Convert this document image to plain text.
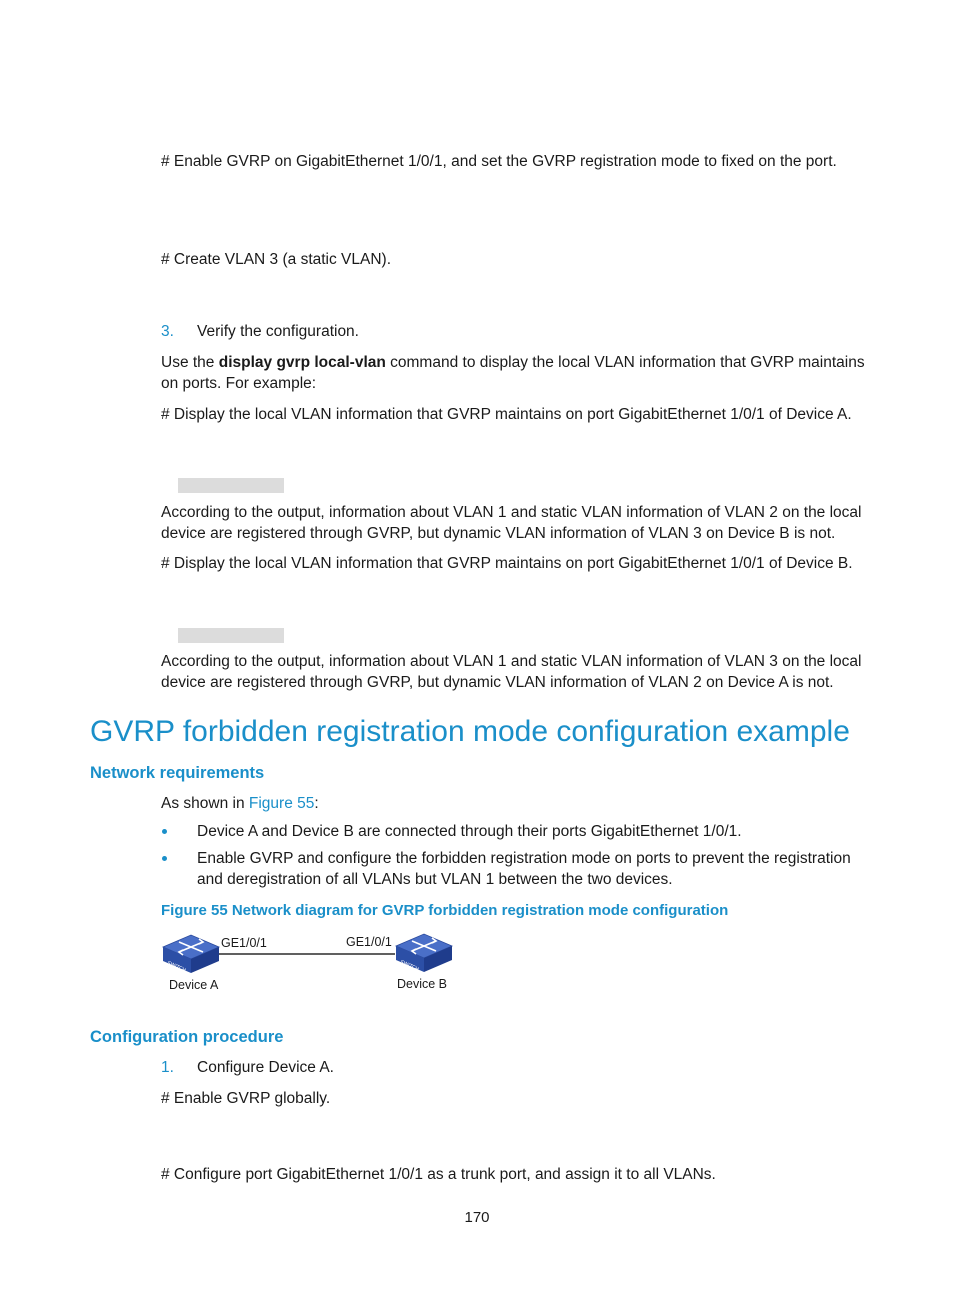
# Enable GVRP on GigabitEthernet 1/0/1, and set the GVRP registration mode to fixed on the port.
# Create VLAN 3 (a static VLAN).
3. Verify the configuration.
Use the display gvrp local-vlan command to display the local VLAN information that GVRP maintains on ports. For example:
# Display the local VLAN information that GVRP maintains on port GigabitEthernet 1/0/1 of Device A.
According to the output, information about VLAN 1 and static VLAN information of VLAN 2 on the local device are registered through GVRP, but dynamic VLAN information of VLAN 3 on Device B is not.
# Display the local VLAN information that GVRP maintains on port GigabitEthernet 1/0/1 of Device B.
According to the output, information about VLAN 1 and static VLAN information of VLAN 3 on the local device are registered through GVRP, but dynamic VLAN information of VLAN 2 on Device A is not.
GVRP forbidden registration mode configuration example
Network requirements
As shown in Figure 55:
Device A and Device B are connected through their ports GigabitEthernet 1/0/1.
Enable GVRP and configure the forbidden registration mode on ports to prevent the registration and deregistration of all VLANs but VLAN 1 between the two devices.
Figure 55 Network diagram for GVRP forbidden registration mode configuration
SWITCH	SWITCH
GE1/0/1	GE1/0/1
Device A	Device B
Configuration procedure
1. Configure Device A.
# Enable GVRP globally.
# Configure port GigabitEthernet 1/0/1 as a trunk port, and assign it to all VLANs.
170
